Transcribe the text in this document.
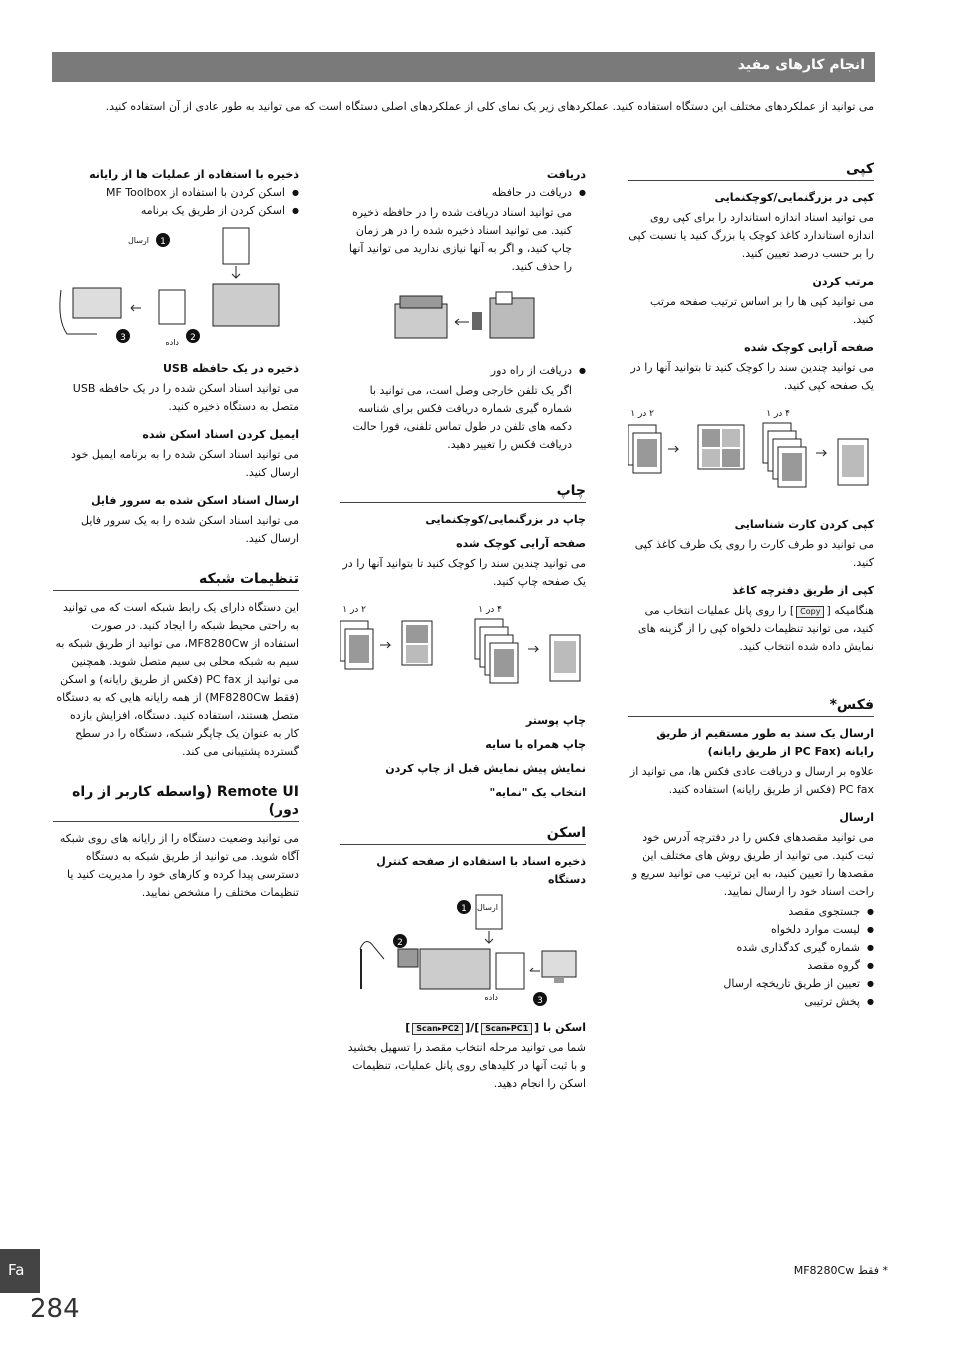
انجام کارهای مفید
می توانید از عملکردهای مختلف این دستگاه استفاده کنید. عملکردهای زیر یک نمای کلی از عملکردهای اصلی دستگاه است که می توانید به طور عادی از آن استفاده کنید.
کپی
کپی در بزرگنمایی/کوچکنمایی
می توانید اسناد اندازه استاندارد را برای کپی روی اندازه استاندارد کاغذ کوچک یا بزرگ کنید یا نسبت کپی را بر حسب درصد تعیین کنید.
مرتب کردن
می توانید کپی ها را بر اساس ترتیب صفحه مرتب کنید.
صفحه آرایی کوچک شده
می توانید چندین سند را کوچک کنید تا بتوانید آنها را در یک صفحه کپی کنید.
۴ در ۱
۲ در ۱
کپی کردن کارت شناسایی
می توانید دو طرف کارت را روی یک طرف کاغذ کپی کنید.
کپی از طریق دفترچه کاغذ
هنگامیکه [Copy] را روی پانل عملیات انتخاب می کنید، می توانید تنظیمات دلخواه کپی را از گزینه های نمایش داده شده انتخاب کنید.
فکس*
ارسال یک سند به طور مستقیم از طریق رایانه (PC Fax از طریق رایانه)
علاوه بر ارسال و دریافت عادی فکس ها، می توانید از PC fax (فکس از طریق رایانه) استفاده کنید.
ارسال
می توانید مقصدهای فکس را در دفترچه آدرس خود ثبت کنید. می توانید از طریق روش های مختلف این مقصدها را تعیین کنید، به این ترتیب می توانید سریع و راحت اسناد خود را ارسال نمایید.
● جستجوی مقصد
● لیست موارد دلخواه
● شماره گیری کدگذاری شده
● گروه مقصد
● تعیین از طریق تاریخچه ارسال
● پخش ترتیبی
دریافت
● دریافت در حافظه
می توانید اسناد دریافت شده را در حافظه ذخیره کنید. می توانید اسناد ذخیره شده را در هر زمان چاپ کنید، و اگر به آنها نیازی ندارید می توانید آنها را حذف کنید.
● دریافت از راه دور
اگر یک تلفن خارجی وصل است، می توانید با شماره گیری شماره دریافت فکس برای شناسه دکمه های تلفن در طول تماس تلفنی، فورا حالت دریافت فکس را تغییر دهید.
چاپ
چاپ در بزرگنمایی/کوچکنمایی
صفحه آرایی کوچک شده
می توانید چندین سند را کوچک کنید تا بتوانید آنها را در یک صفحه چاپ کنید.
۴ در ۱
۲ در ۱
چاپ پوستر
چاپ همراه با سایه
نمایش پیش نمایش قبل از چاپ کردن
انتخاب یک "نمایه"
اسکن
ذخیره اسناد با استفاده از صفحه کنترل دستگاه
1
2
3
ارسال
داده
اسکن با [Scan▸PC1]/[Scan▸PC2]
شما می توانید مرحله انتخاب مقصد را تسهیل بخشید و با ثبت آنها در کلیدهای روی پانل عملیات، تنظیمات اسکن را انجام دهید.
ذخیره با استفاده از عملیات ها از رایانه
● اسکن کردن با استفاده از MF Toolbox
● اسکن کردن از طریق یک برنامه
1
2
3
ارسال
داده
ذخیره در یک حافظه USB
می توانید اسناد اسکن شده را در یک حافظه USB متصل به دستگاه ذخیره کنید.
ایمیل کردن اسناد اسکن شده
می توانید اسناد اسکن شده را به برنامه ایمیل خود ارسال کنید.
ارسال اسناد اسکن شده به سرور فایل
می توانید اسناد اسکن شده را به یک سرور فایل ارسال کنید.
تنظیمات شبکه
این دستگاه دارای یک رابط شبکه است که می توانید به راحتی محیط شبکه را ایجاد کنید. در صورت استفاده از MF8280Cw، می توانید از طریق شبکه به سیم به شبکه محلی بی سیم متصل شوید. همچنین می توانید از PC fax (فکس از طریق رایانه) و اسکن (فقط MF8280Cw) از همه رایانه هایی که به دستگاه متصل هستند، استفاده کنید. دستگاه، افزایش بازده کار به عنوان یک چاپگر شبکه، دستگاه را در سطح گسترده پشتیبانی می کند.
Remote UI (واسطه کاربر از راه دور)
می توانید وضعیت دستگاه را از رایانه های روی شبکه آگاه شوید. می توانید از طریق شبکه به دستگاه دسترسی پیدا کرده و کارهای خود را مدیریت کنید یا تنظیمات مختلف را مشخص نمایید.
* فقط MF8280Cw
Fa
284
